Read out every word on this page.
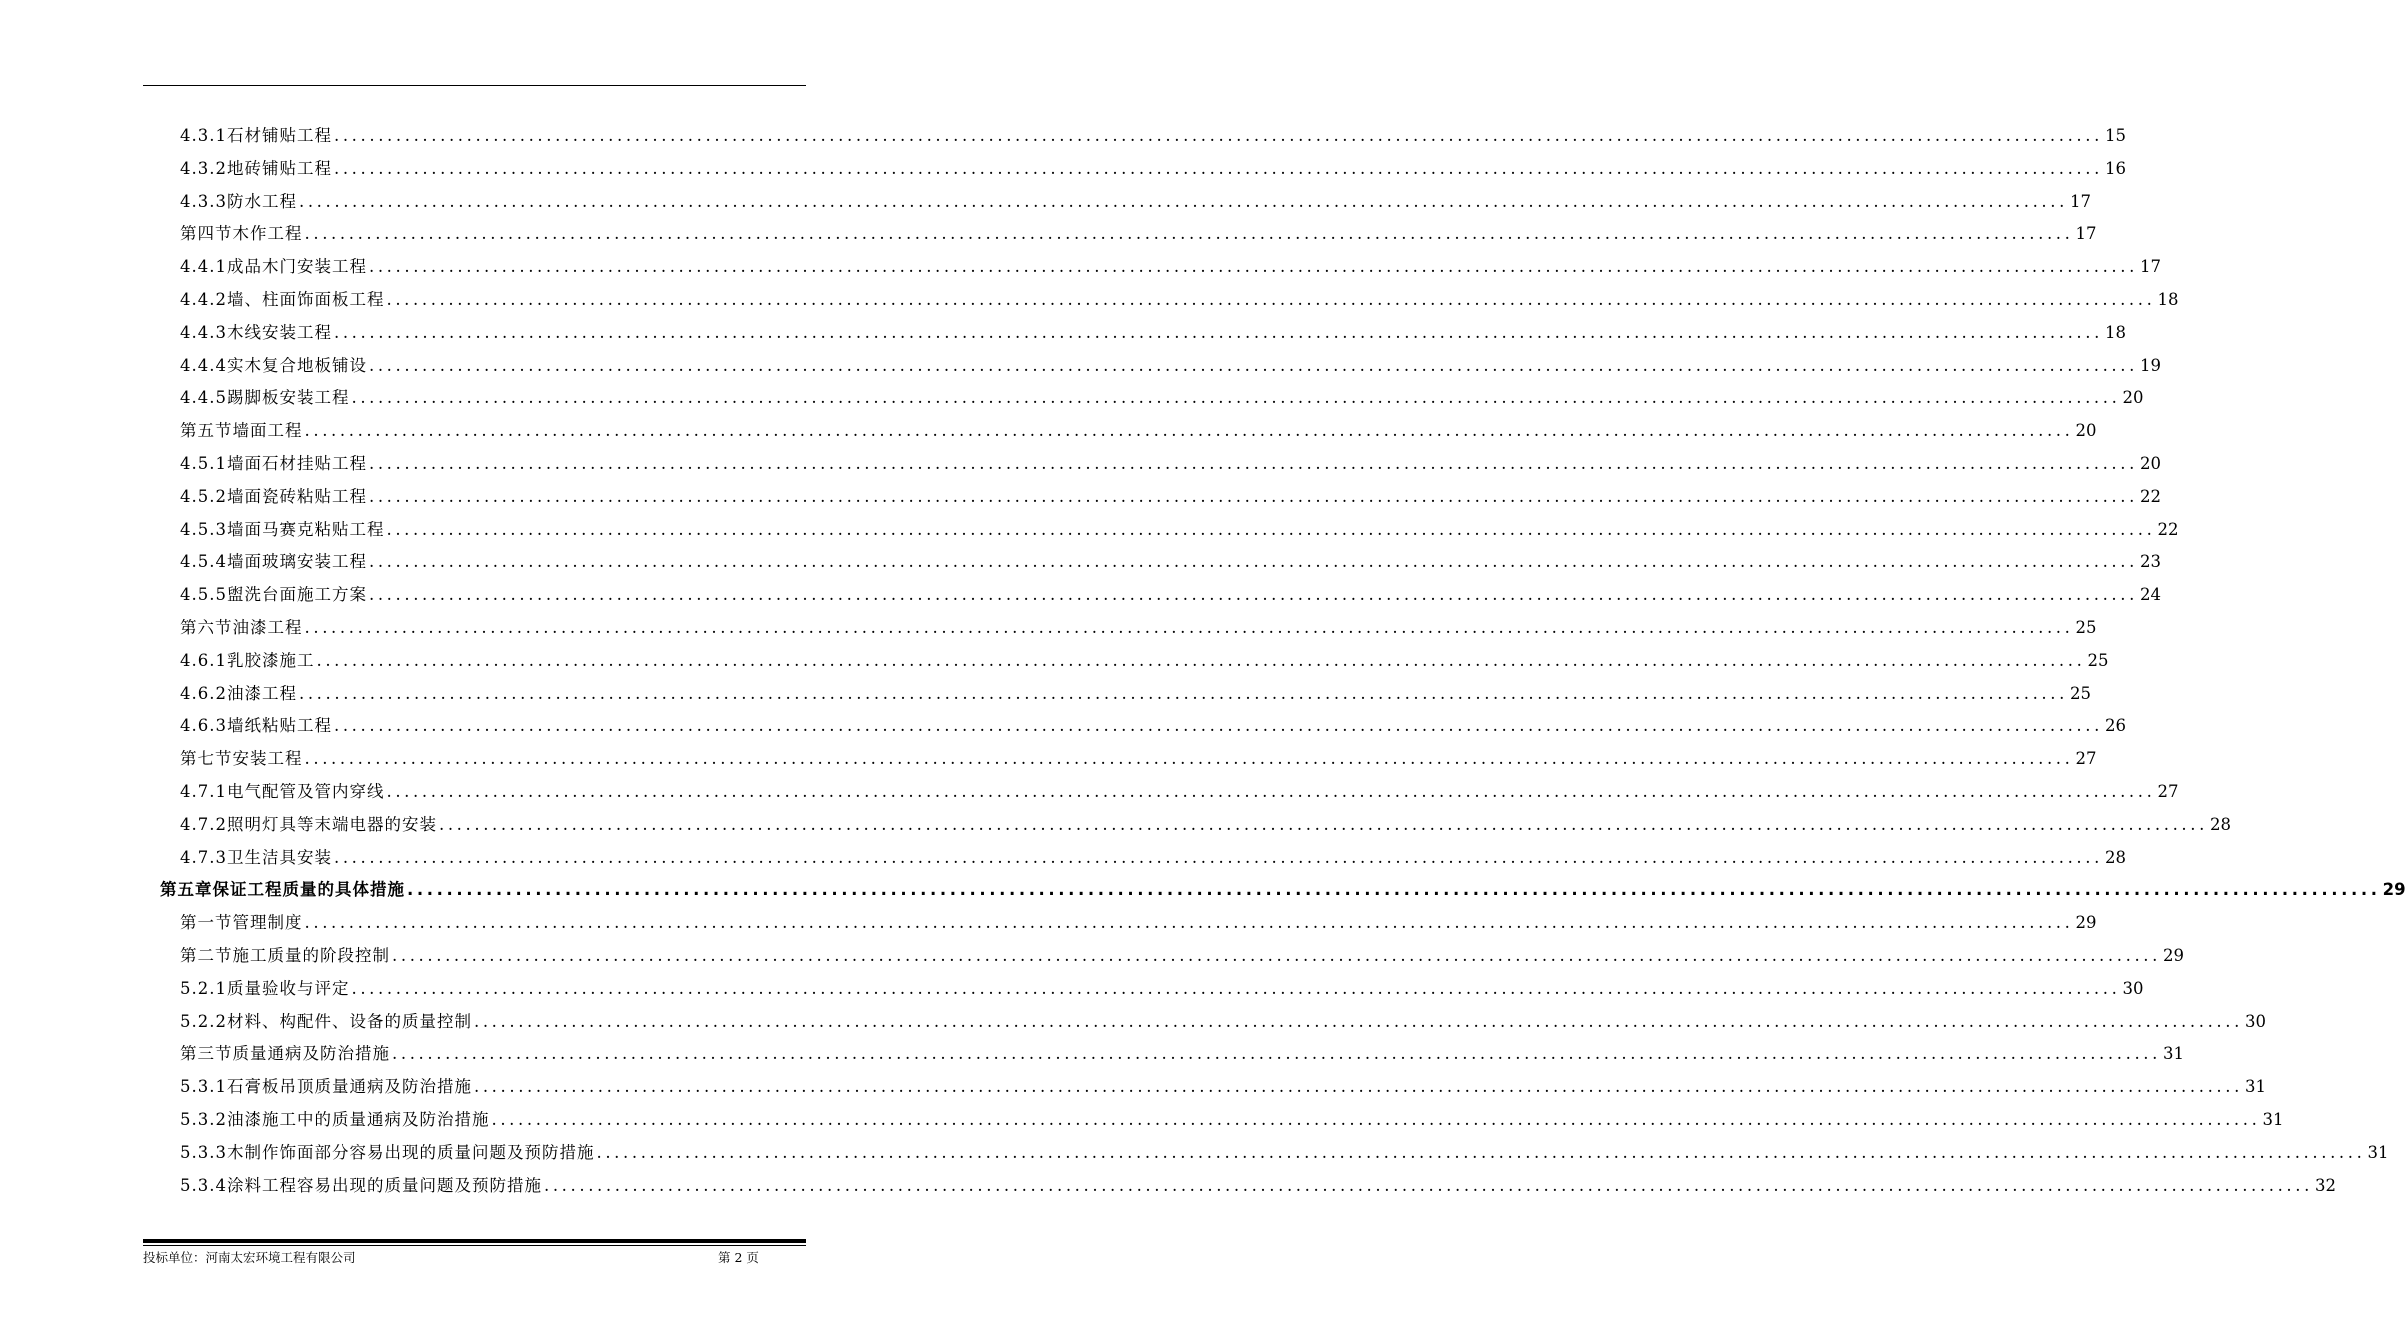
4.3.1 石材铺贴工程 ........................................................................................................................................................................................................ 15
4.3.2 地砖铺贴工程 ........................................................................................................................................................................................................ 16
4.3.3 防水工程 ........................................................................................................................................................................................................ 17
第四节 木作工程 ........................................................................................................................................................................................................ 17
4.4.1 成品木门安装工程 ........................................................................................................................................................................................................ 17
4.4.2 墙、柱面饰面板工程 ........................................................................................................................................................................................................ 18
4.4.3 木线安装工程 ........................................................................................................................................................................................................ 18
4.4.4 实木复合地板铺设 ........................................................................................................................................................................................................ 19
4.4.5 踢脚板安装工程 ........................................................................................................................................................................................................ 20
第五节 墙面工程 ........................................................................................................................................................................................................ 20
4.5.1 墙面石材挂贴工程 ........................................................................................................................................................................................................ 20
4.5.2 墙面瓷砖粘贴工程 ........................................................................................................................................................................................................ 22
4.5.3 墙面马赛克粘贴工程 ........................................................................................................................................................................................................ 22
4.5.4 墙面玻璃安装工程 ........................................................................................................................................................................................................ 23
4.5.5 盥洗台面施工方案 ........................................................................................................................................................................................................ 24
第六节 油漆工程 ........................................................................................................................................................................................................ 25
4.6.1 乳胶漆施工 ........................................................................................................................................................................................................ 25
4.6.2 油漆工程 ........................................................................................................................................................................................................ 25
4.6.3 墙纸粘贴工程 ........................................................................................................................................................................................................ 26
第七节 安装工程 ........................................................................................................................................................................................................ 27
4.7.1 电气配管及管内穿线 ........................................................................................................................................................................................................ 27
4.7.2 照明灯具等末端电器的安装 ........................................................................................................................................................................................................ 28
4.7.3 卫生洁具安装 ........................................................................................................................................................................................................ 28
第五章 保证工程质量的具体措施 ........................................................................................................................................................................................................ 29
第一节 管理制度 ........................................................................................................................................................................................................ 29
第二节 施工质量的阶段控制 ........................................................................................................................................................................................................ 29
5.2.1 质量验收与评定 ........................................................................................................................................................................................................ 30
5.2.2 材料、构配件、设备的质量控制 ........................................................................................................................................................................................................ 30
第三节 质量通病及防治措施 ........................................................................................................................................................................................................ 31
5.3.1 石膏板吊顶质量通病及防治措施 ........................................................................................................................................................................................................ 31
5.3.2 油漆施工中的质量通病及防治措施 ........................................................................................................................................................................................................ 31
5.3.3 木制作饰面部分容易出现的质量问题及预防措施 ........................................................................................................................................................................................................ 31
5.3.4 涂料工程容易出现的质量问题及预防措施 ........................................................................................................................................................................................................ 32
投标单位：河南太宏环境工程有限公司	第 2 页
